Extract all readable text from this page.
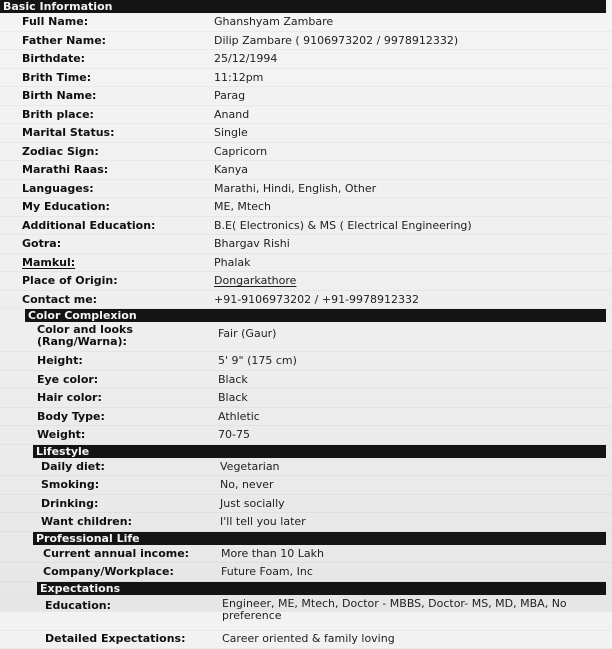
Basic Information
Full Name:	Ghanshyam Zambare
Father Name:	Dilip Zambare ( 9106973202 / 9978912332)
Birthdate:	25/12/1994
Brith Time:	11:12pm
Birth Name:	Parag
Brith place:	Anand
Marital Status:	Single
Zodiac Sign:	Capricorn
Marathi Raas:	Kanya
Languages:	Marathi, Hindi, English, Other
My Education:	ME, Mtech
Additional Education:	B.E( Electronics) & MS ( Electrical Engineering)
Gotra:	Bhargav Rishi
Mamkul:	Phalak
Place of Origin:	Dongarkathore
Contact me:	+91-9106973202 / +91-9978912332
Color Complexion
Color and looks (Rang/Warna):
Fair (Gaur)
Height:	5' 9" (175 cm)
Eye color:	Black
Hair color:	Black
Body Type:	Athletic
Weight:	70-75
Lifestyle
Daily diet:	Vegetarian
Smoking:	No, never
Drinking:	Just socially
Want children:	I'll tell you later
Professional Life
Current annual income:	More than 10 Lakh
Company/Workplace:	Future Foam, Inc
Expectations
Education:	Engineer, ME, Mtech, Doctor - MBBS, Doctor- MS, MD, MBA, No preference
Detailed Expectations:	Career oriented & family loving
